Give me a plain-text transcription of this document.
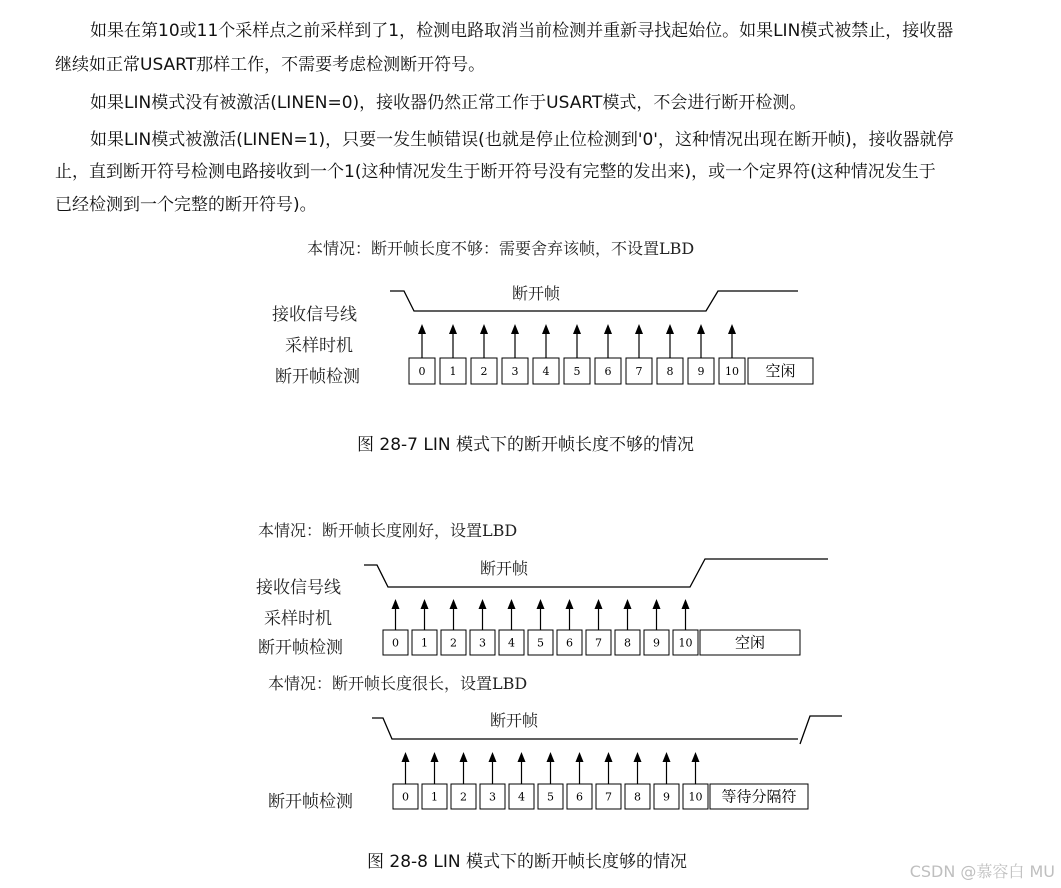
如果在第10或11个采样点之前采样到了1，检测电路取消当前检测并重新寻找起始位。如果LIN模式被禁止，接收器
继续如正常USART那样工作，不需要考虑检测断开符号。
如果LIN模式没有被激活(LINEN=0)，接收器仍然正常工作于USART模式，不会进行断开检测。
如果LIN模式被激活(LINEN=1)，只要一发生帧错误(也就是停止位检测到'0'，这种情况出现在断开帧)，接收器就停
止，直到断开符号检测电路接收到一个1(这种情况发生于断开符号没有完整的发出来)，或一个定界符(这种情况发生于
已经检测到一个完整的断开符号)。
本情况：断开帧长度不够：需要舍弃该帧，不设置LBD
断开帧
接收信号线
采样时机
断开帧检测
图 28-7 LIN 模式下的断开帧长度不够的情况
本情况：断开帧长度刚好，设置LBD
断开帧
接收信号线
采样时机
断开帧检测
本情况：断开帧长度很长，设置LBD
断开帧
断开帧检测
图 28-8 LIN 模式下的断开帧长度够的情况
0 1 2 3 4 5 6 7 8 9 10 空闲
0 1 2 3 4 5 6 7 8 9 10	空闲
0 1 2 3 4 5 6 7 8 9 10 等待分隔符
CSDN @慕容白 MU
